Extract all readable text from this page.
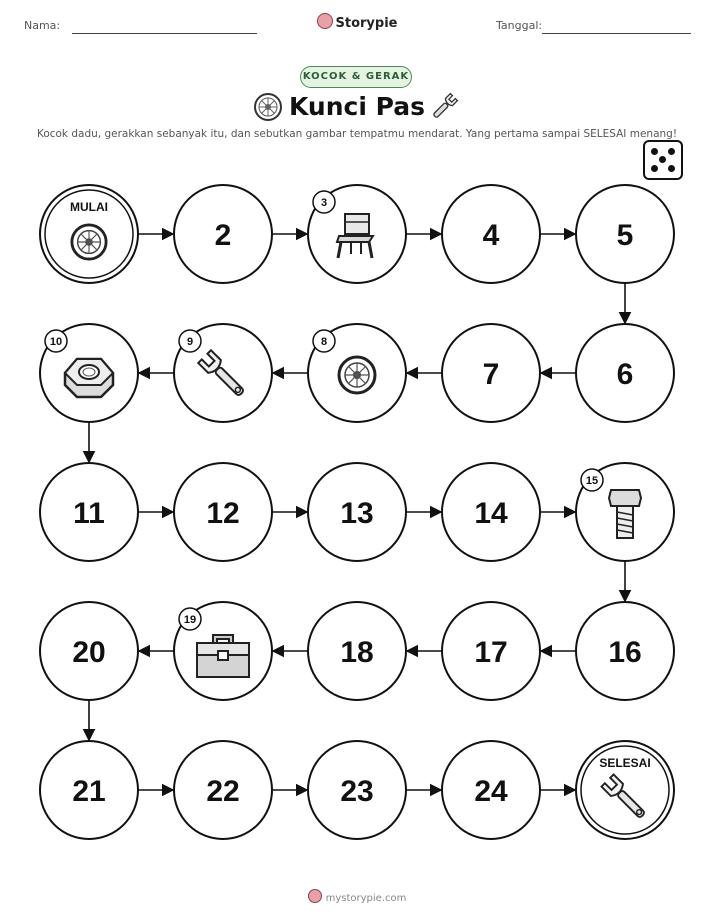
Nama:	Storypie	Tanggal:
KOCOK & GERAK
Kunci Pas
Kocok dadu, gerakkan sebanyak itu, dan sebutkan gambar tempatmu mendarat. Yang pertama sampai SELESAI menang!
MULAI
2
3
4	5
6
7
8
9
10
11	12	13	14
15
16
17
18
19
20
21	22	23	24
SELESAI
mystorypie.com
